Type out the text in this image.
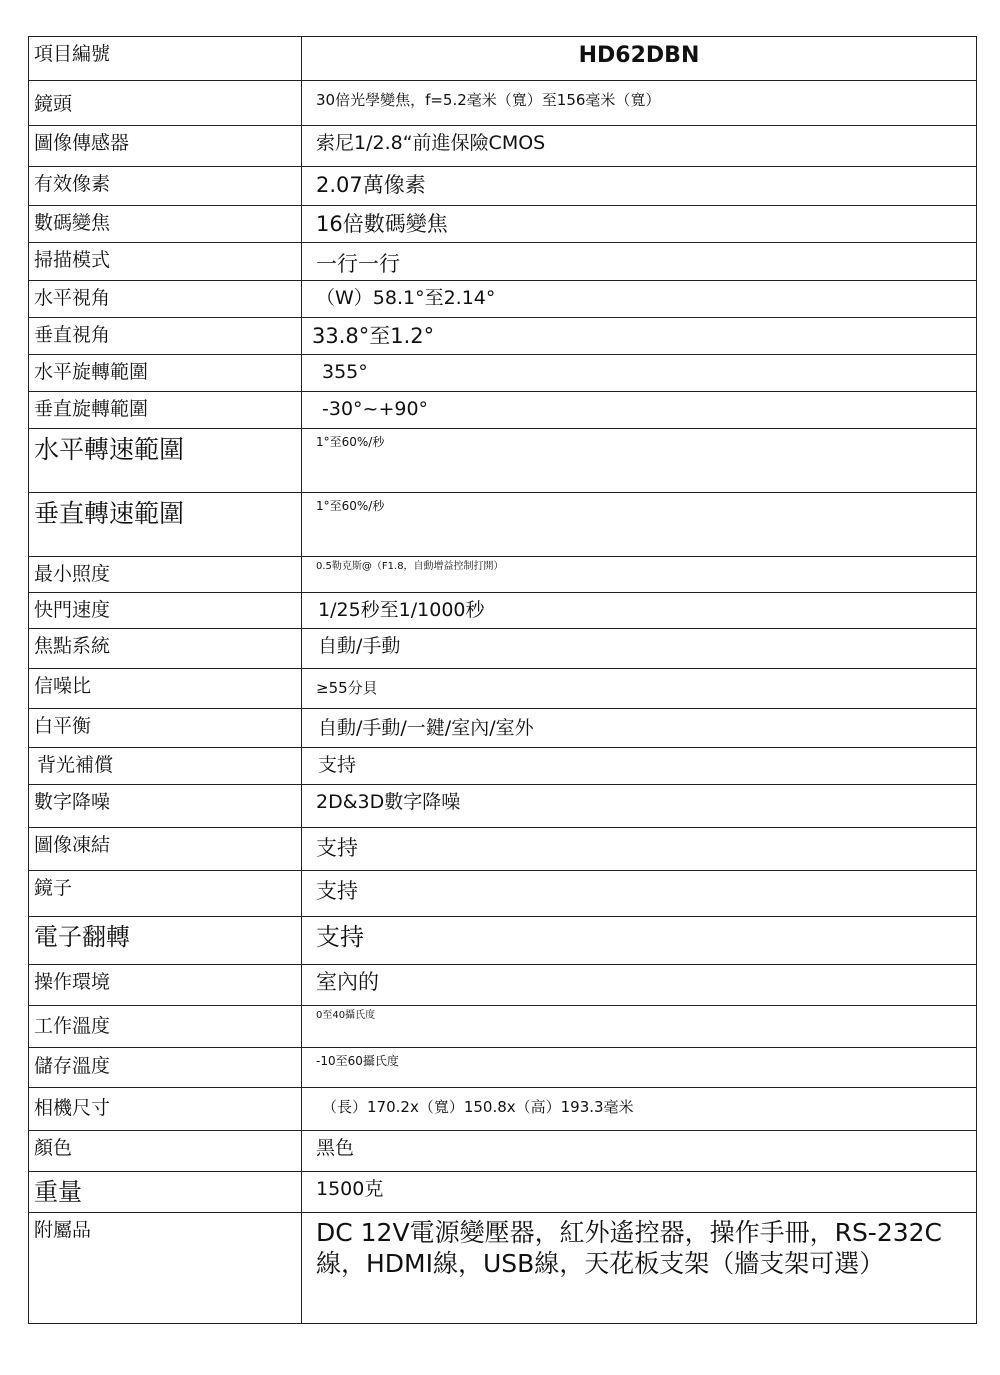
項目編號	HD62DBN

鏡頭	30倍光學變焦，f=5.2毫米（寬）至156毫米（寬）

圖像傳感器	索尼1/2.8“前進保險CMOS

有效像素	2.07萬像素

數碼變焦	16倍數碼變焦

掃描模式	一行一行

水平視角	（W）58.1°至2.14°

垂直視角	33.8°至1.2°

水平旋轉範圍	355°

垂直旋轉範圍	-30°~+90°

水平轉速範圍	1°至60%/秒

垂直轉速範圍	1°至60%/秒

最小照度	0.5勒克斯@（F1.8，自動增益控制打開）

快門速度	1/25秒至1/1000秒

焦點系統	自動/手動

信噪比	≥55分貝

白平衡	自動/手動/一鍵/室內/室外

背光補償	支持

數字降噪	2D&3D數字降噪

圖像凍結	支持

鏡子	支持

電子翻轉	支持

操作環境	室內的

工作溫度	0至40攝氏度

儲存溫度	-10至60攝氏度

相機尺寸	（長）170.2x（寬）150.8x（高）193.3毫米

顏色	黑色

重量	1500克

附屬品	DC 12V電源變壓器，紅外遙控器，操作手冊，RS-232C線，HDMI線，USB線，天花板支架（牆支架可選）
